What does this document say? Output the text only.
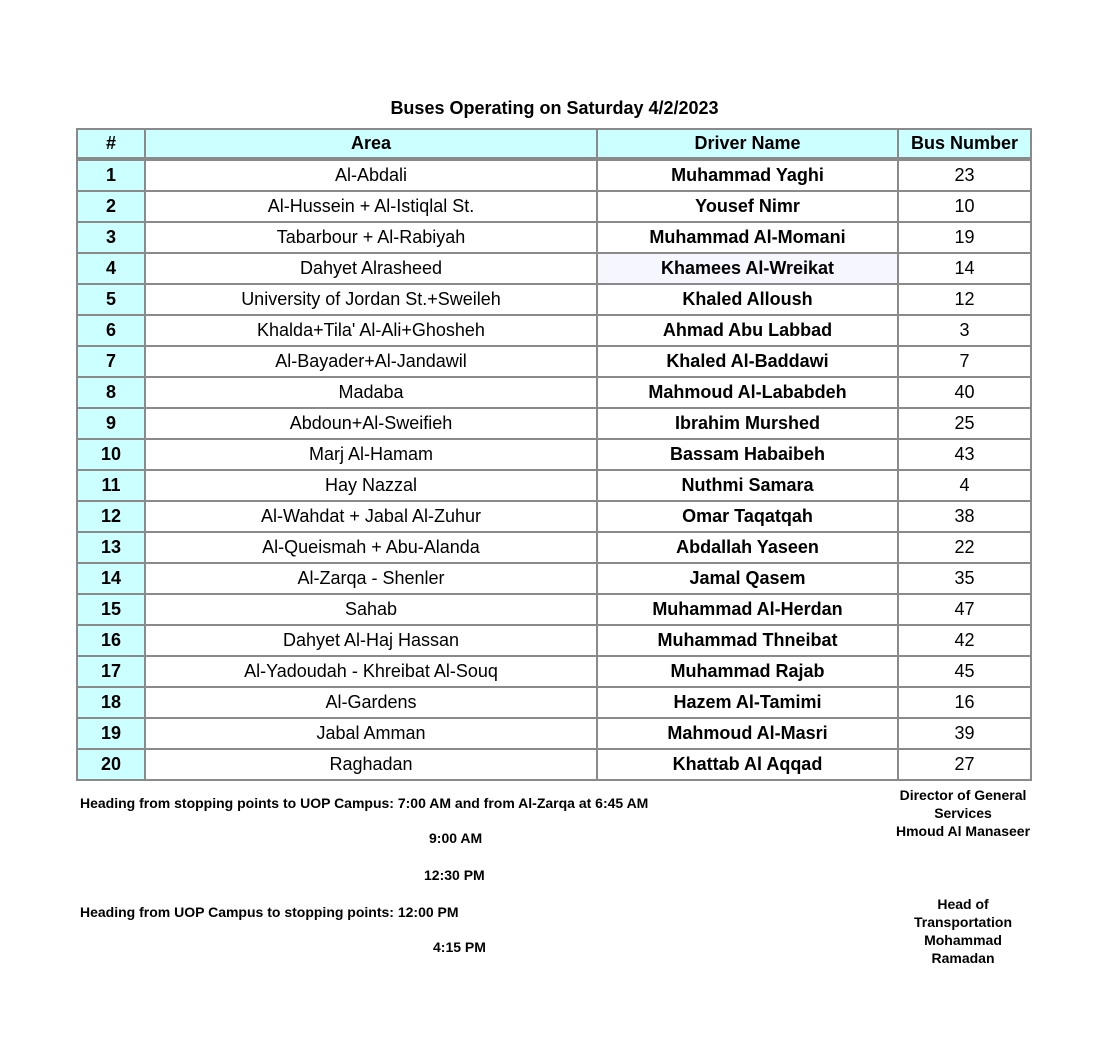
Buses Operating on Saturday 4/2/2023
#	Area	Driver Name	Bus Number
1	Al-Abdali	Muhammad Yaghi	23
2	Al-Hussein + Al-Istiqlal St.	Yousef Nimr	10
3	Tabarbour + Al-Rabiyah	Muhammad Al-Momani	19
4	Dahyet Alrasheed	Khamees Al-Wreikat	14
5	University of Jordan St.+Sweileh	Khaled Alloush	12
6	Khalda+Tila' Al-Ali+Ghosheh	Ahmad Abu Labbad	3
7	Al-Bayader+Al-Jandawil	Khaled Al-Baddawi	7
8	Madaba	Mahmoud Al-Lababdeh	40
9	Abdoun+Al-Sweifieh	Ibrahim Murshed	25
10	Marj Al-Hamam	Bassam Habaibeh	43
11	Hay Nazzal	Nuthmi Samara	4
12	Al-Wahdat + Jabal Al-Zuhur	Omar Taqatqah	38
13	Al-Queismah + Abu-Alanda	Abdallah Yaseen	22
14	Al-Zarqa - Shenler	Jamal Qasem	35
15	Sahab	Muhammad Al-Herdan	47
16	Dahyet Al-Haj Hassan	Muhammad Thneibat	42
17	Al-Yadoudah - Khreibat Al-Souq	Muhammad Rajab	45
18	Al-Gardens	Hazem Al-Tamimi	16
19	Jabal Amman	Mahmoud Al-Masri	39
20	Raghadan	Khattab Al Aqqad	27
Heading from stopping points to UOP Campus: 7:00 AM and from Al-Zarqa at 6:45 AM
9:00 AM
12:30 PM
Heading from UOP Campus to stopping points: 12:00 PM
4:15 PM
Director of General Services
Hmoud Al Manaseer
Head of Transportation
Mohammad Ramadan
